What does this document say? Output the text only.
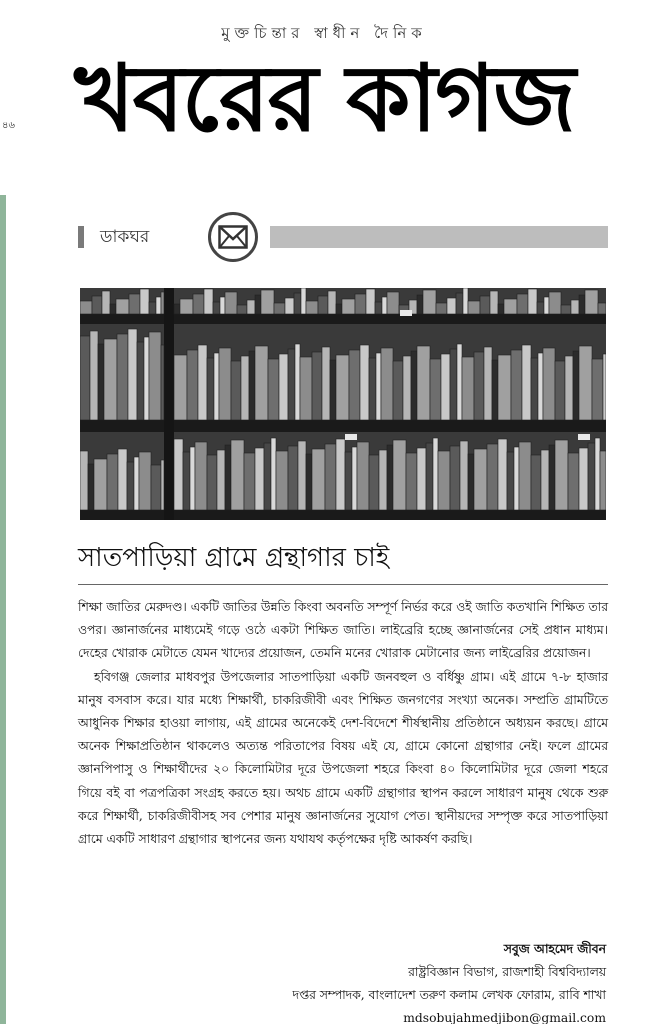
মুক্তচিন্তার স্বাধীন দৈনিক
খবরের কাগজ
৪৬
ডাকঘর
সাতপাড়িয়া গ্রামে গ্রন্থাগার চাই

শিক্ষা জাতির মেরুদণ্ড। একটি জাতির উন্নতি কিংবা অবনতি সম্পূর্ণ নির্ভর করে ওই জাতি কতখানি শিক্ষিত তার ওপর। জ্ঞানার্জনের মাধ্যমেই গড়ে ওঠে একটা শিক্ষিত জাতি। লাইব্রেরি হচ্ছে জ্ঞানার্জনের সেই প্রধান মাধ্যম। দেহের খোরাক মেটাতে যেমন খাদ্যের প্রয়োজন, তেমনি মনের খোরাক মেটানোর জন্য লাইব্রেরির প্রয়োজন।

হবিগঞ্জ জেলার মাধবপুর উপজেলার সাতপাড়িয়া একটি জনবহুল ও বর্ধিষ্ণু গ্রাম। এই গ্রামে ৭-৮ হাজার মানুষ বসবাস করে। যার মধ্যে শিক্ষার্থী, চাকরিজীবী এবং শিক্ষিত জনগণের সংখ্যা অনেক। সম্প্রতি গ্রামটিতে আধুনিক শিক্ষার হাওয়া লাগায়, এই গ্রামের অনেকেই দেশ-বিদেশে শীর্ষস্থানীয় প্রতিষ্ঠানে অধ্যয়ন করছে। গ্রামে অনেক শিক্ষাপ্রতিষ্ঠান থাকলেও অত্যন্ত পরিতাপের বিষয় এই যে, গ্রামে কোনো গ্রন্থাগার নেই। ফলে গ্রামের জ্ঞানপিপাসু ও শিক্ষার্থীদের ২০ কিলোমিটার দূরে উপজেলা শহরে কিংবা ৪০ কিলোমিটার দূরে জেলা শহরে গিয়ে বই বা পত্রপত্রিকা সংগ্রহ করতে হয়। অথচ গ্রামে একটি গ্রন্থাগার স্থাপন করলে সাধারণ মানুষ থেকে শুরু করে শিক্ষার্থী, চাকরিজীবীসহ সব পেশার মানুষ জ্ঞানার্জনের সুযোগ পেত। স্থানীয়দের সম্পৃক্ত করে সাতপাড়িয়া গ্রামে একটি সাধারণ গ্রন্থাগার স্থাপনের জন্য যথাযথ কর্তৃপক্ষের দৃষ্টি আকর্ষণ করছি।

সবুজ আহমেদ জীবন
রাষ্ট্রবিজ্ঞান বিভাগ, রাজশাহী বিশ্ববিদ্যালয়
দপ্তর সম্পাদক, বাংলাদেশ তরুণ কলাম লেখক ফোরাম, রাবি শাখা
mdsobujahmedjibon@gmail.com
